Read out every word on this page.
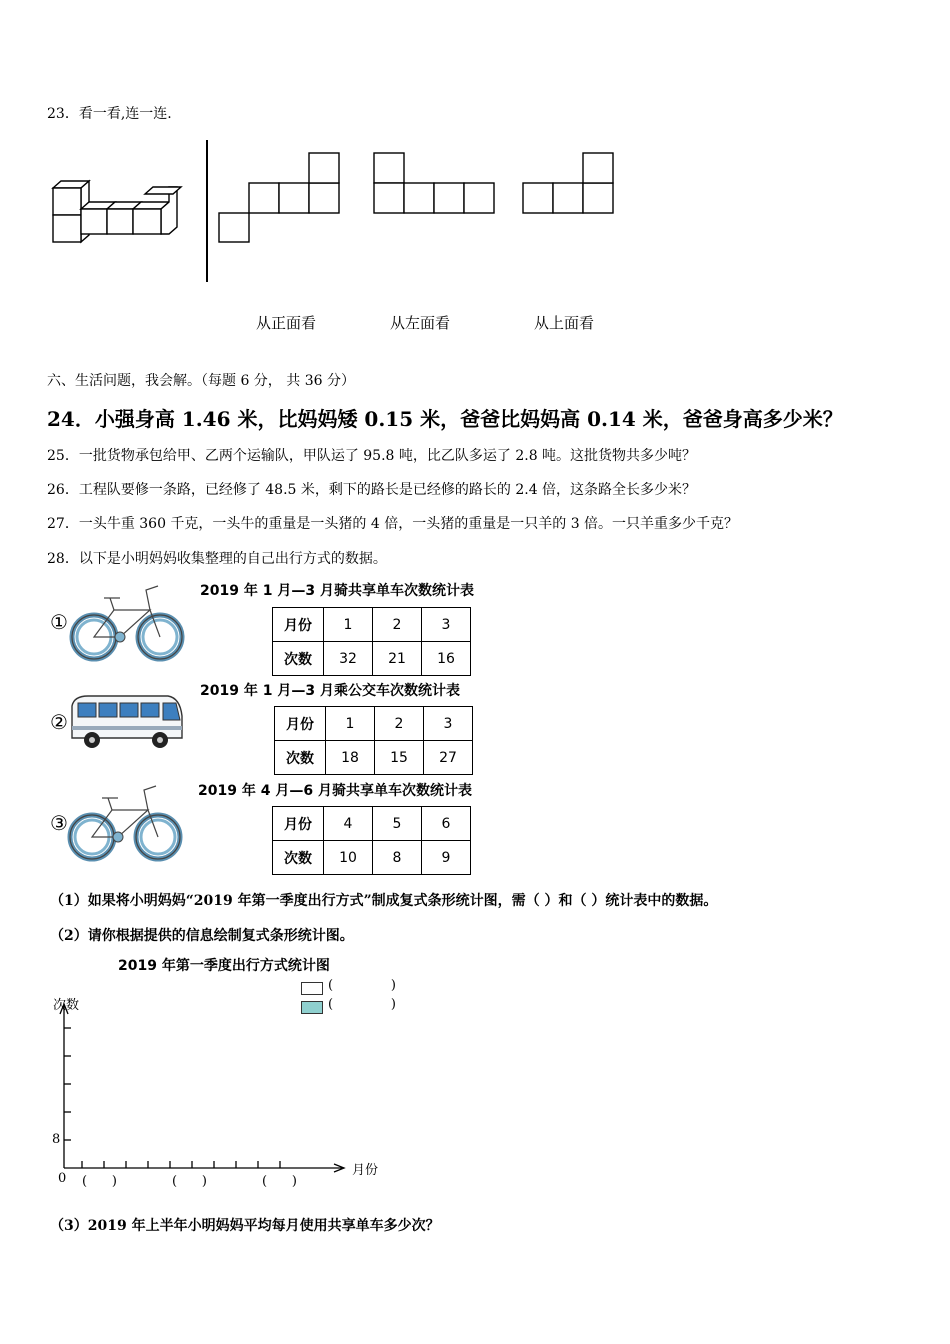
23．看一看,连一连.
从正面看	从左面看	从上面看
六、生活问题，我会解。（每题 6 分， 共 36 分）
24．小强身高 1.46 米，比妈妈矮 0.15 米，爸爸比妈妈高 0.14 米，爸爸身高多少米？
25．一批货物承包给甲、乙两个运输队，甲队运了 95.8 吨，比乙队多运了 2.8 吨。这批货物共多少吨？
26．工程队要修一条路，已经修了 48.5 米，剩下的路长是已经修的路长的 2.4 倍，这条路全长多少米？
27．一头牛重 360 千克，一头牛的重量是一头猪的 4 倍，一头猪的重量是一只羊的 3 倍。一只羊重多少千克？
28．以下是小明妈妈收集整理的自己出行方式的数据。
①
2019 年 1 月—3 月骑共享单车次数统计表
月份	1	2	3
次数	32	21	16
②
2019 年 1 月—3 月乘公交车次数统计表
月份	1	2	3
次数	18	15	27
③
2019 年 4 月—6 月骑共享单车次数统计表
月份	4	5	6
次数	10	8	9
（1）如果将小明妈妈“2019 年第一季度出行方式”制成复式条形统计图，需（ ）和（ ）统计表中的数据。
（2）请你根据提供的信息绘制复式条形统计图。
2019 年第一季度出行方式统计图
次数
月份
0
8
(              )
(              )
(      )	(      )	(      )
（3）2019 年上半年小明妈妈平均每月使用共享单车多少次？
